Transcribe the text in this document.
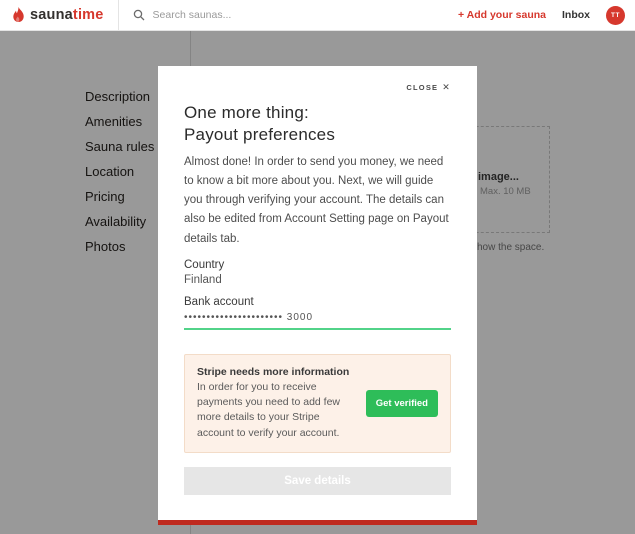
Description
Amenities
Sauna rules
Location
Pricing
Availability
Photos
image...
Max. 10 MB
how the space.
saunatime
Search saunas...	+ Add your sauna Inbox	TT
CLOSE ✕
One more thing:
Payout preferences

Almost done! In order to send you money, we need to know a bit more about you. Next, we will guide you through verifying your account. The details can also be edited from Account Setting page on Payout details tab.

Country
Finland
Bank account
•••••••••••••••••••••• 3000
Stripe needs more information
In order for you to receive payments you need to add few more details to your Stripe account to verify your account.
Get verified
Save details
